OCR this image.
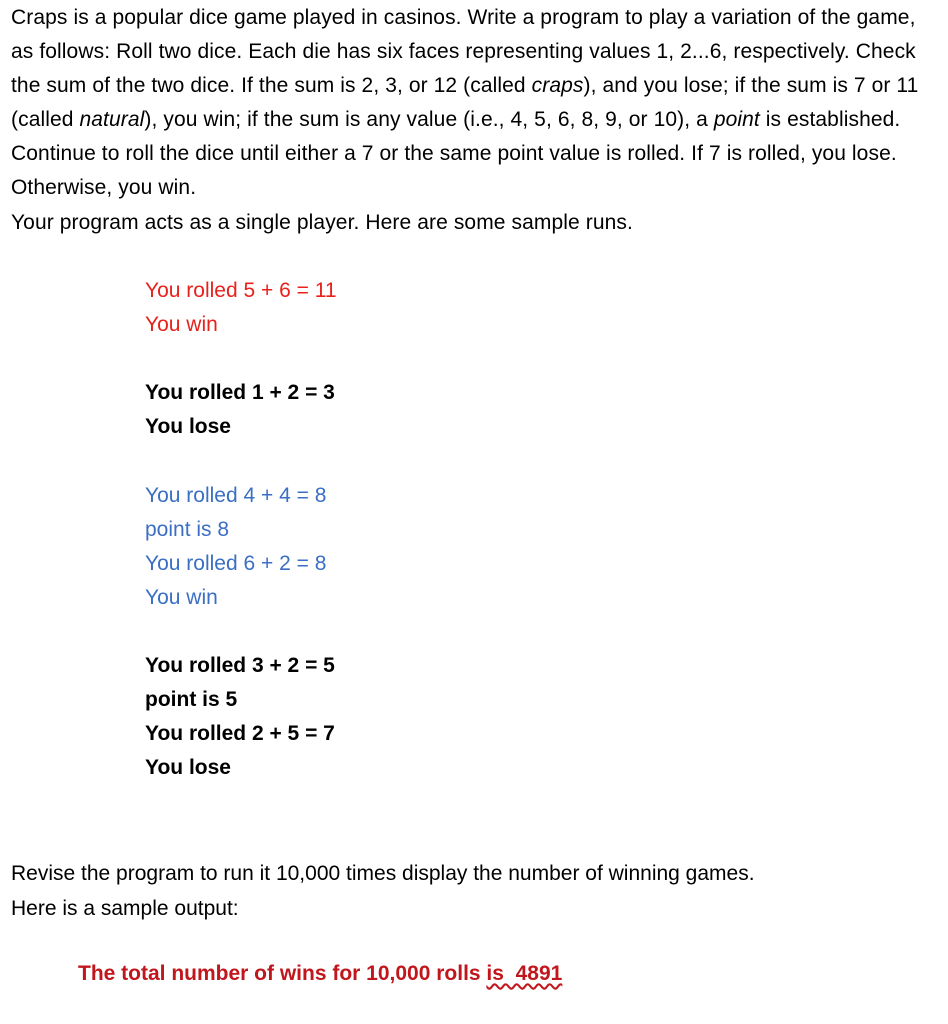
Craps is a popular dice game played in casinos. Write a program to play a variation of the game, as follows: Roll two dice. Each die has six faces representing values 1, 2...6, respectively. Check the sum of the two dice. If the sum is 2, 3, or 12 (called craps), and you lose; if the sum is 7 or 11 (called natural), you win; if the sum is any value (i.e., 4, 5, 6, 8, 9, or 10), a point is established. Continue to roll the dice until either a 7 or the same point value is rolled. If 7 is rolled, you lose. Otherwise, you win.

Your program acts as a single player. Here are some sample runs.

You rolled 5 + 6 = 11
You win
You rolled 1 + 2 = 3
You lose
You rolled 4 + 4 = 8
point is 8
You rolled 6 + 2 = 8
You win
You rolled 3 + 2 = 5
point is 5
You rolled 2 + 5 = 7
You lose
Revise the program to run it 10,000 times display the number of winning games.
Here is a sample output:
The total number of wins for 10,000 rolls is  4891
